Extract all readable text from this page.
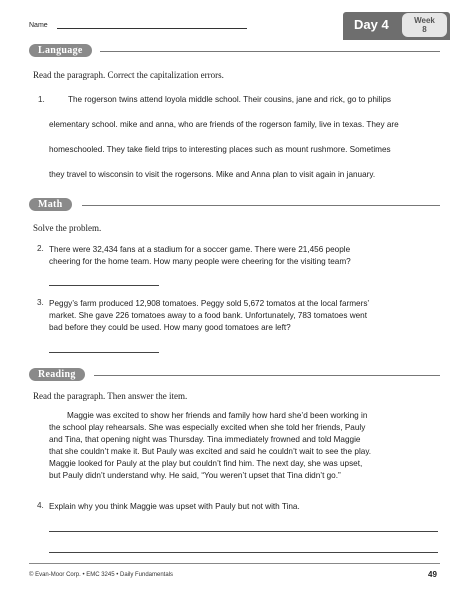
Name	Day 4	Week
8
Language
Read the paragraph. Correct the capitalization errors.
1.	The rogerson twins attend loyola middle school. Their cousins, jane and rick, go to philips
elementary school. mike and anna, who are friends of the rogerson family, live in texas. They are
homeschooled. They take field trips to interesting places such as mount rushmore. Sometimes
they travel to wisconsin to visit the rogersons. Mike and Anna plan to visit again in january.
Math
Solve the problem.
2. There were 32,434 fans at a stadium for a soccer game. There were 21,456 people
cheering for the home team. How many people were cheering for the visiting team?
3. Peggy’s farm produced 12,908 tomatoes. Peggy sold 5,672 tomatos at the local farmers’
market. She gave 226 tomatoes away to a food bank. Unfortunately, 783 tomatoes went
bad before they could be used. How many good tomatoes are left?
Reading
Read the paragraph. Then answer the item.
Maggie was excited to show her friends and family how hard she’d been working in
the school play rehearsals. She was especially excited when she told her friends, Pauly
and Tina, that opening night was Thursday. Tina immediately frowned and told Maggie
that she couldn’t make it. But Pauly was excited and said he couldn’t wait to see the play.
Maggie looked for Pauly at the play but couldn’t find him. The next day, she was upset,
but Pauly didn’t understand why. He said, “You weren’t upset that Tina didn’t go.”
4. Explain why you think Maggie was upset with Pauly but not with Tina.
© Evan-Moor Corp. • EMC 3245 • Daily Fundamentals	49
